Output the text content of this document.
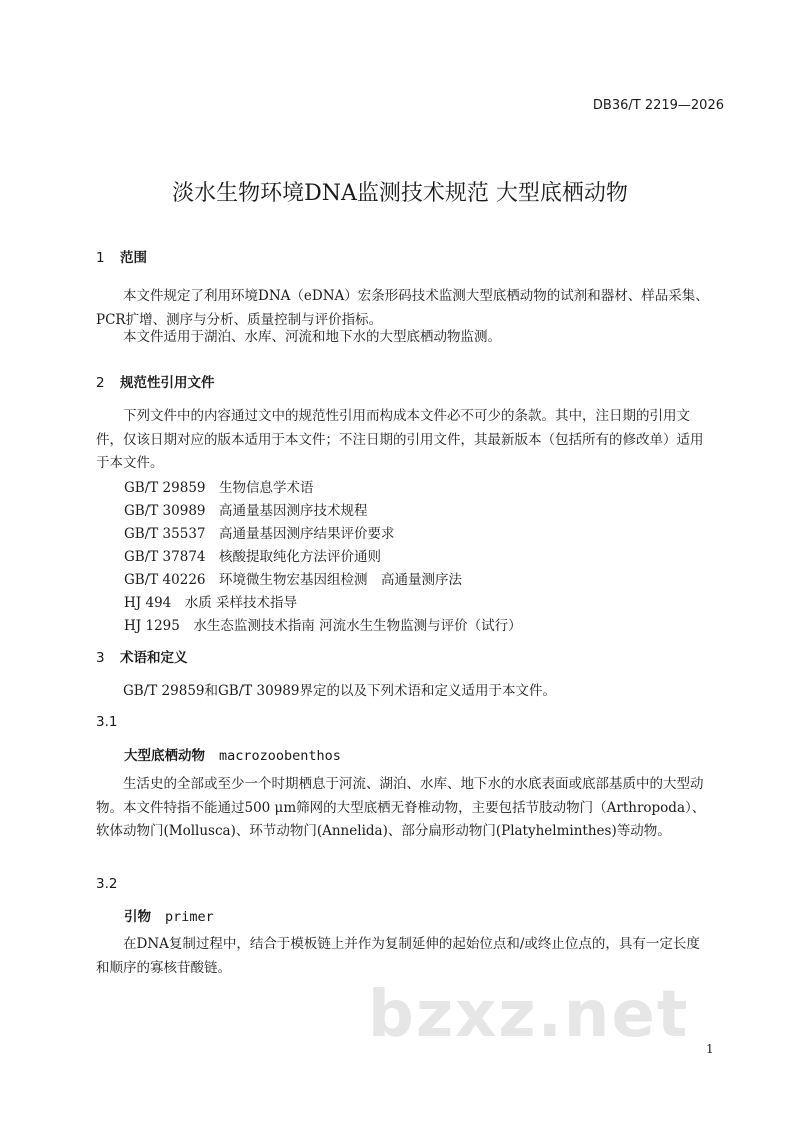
DB36/T 2219—2026
淡水生物环境DNA监测技术规范 大型底栖动物
1 范围
本文件规定了利用环境DNA（eDNA）宏条形码技术监测大型底栖动物的试剂和器材、样品采集、PCR扩增、测序与分析、质量控制与评价指标。
本文件适用于湖泊、水库、河流和地下水的大型底栖动物监测。
2 规范性引用文件
下列文件中的内容通过文中的规范性引用而构成本文件必不可少的条款。其中，注日期的引用文件，仅该日期对应的版本适用于本文件；不注日期的引用文件，其最新版本（包括所有的修改单）适用于本文件。
GB/T 29859　生物信息学术语
GB/T 30989　高通量基因测序技术规程
GB/T 35537　高通量基因测序结果评价要求
GB/T 37874　核酸提取纯化方法评价通则
GB/T 40226　环境微生物宏基因组检测　高通量测序法
HJ 494　水质 采样技术指导
HJ 1295　水生态监测技术指南 河流水生生物监测与评价（试行）
3 术语和定义
GB/T 29859和GB/T 30989界定的以及下列术语和定义适用于本文件。
3.1
大型底栖动物 macrozoobenthos
生活史的全部或至少一个时期栖息于河流、湖泊、水库、地下水的水底表面或底部基质中的大型动物。本文件特指不能通过500 μm筛网的大型底栖无脊椎动物，主要包括节肢动物门（Arthropoda）、软体动物门(Mollusca)、环节动物门(Annelida)、部分扁形动物门(Platyhelminthes)等动物。
3.2
引物 primer
在DNA复制过程中，结合于模板链上并作为复制延伸的起始位点和/或终止位点的，具有一定长度和顺序的寡核苷酸链。
bzxz.net 1
